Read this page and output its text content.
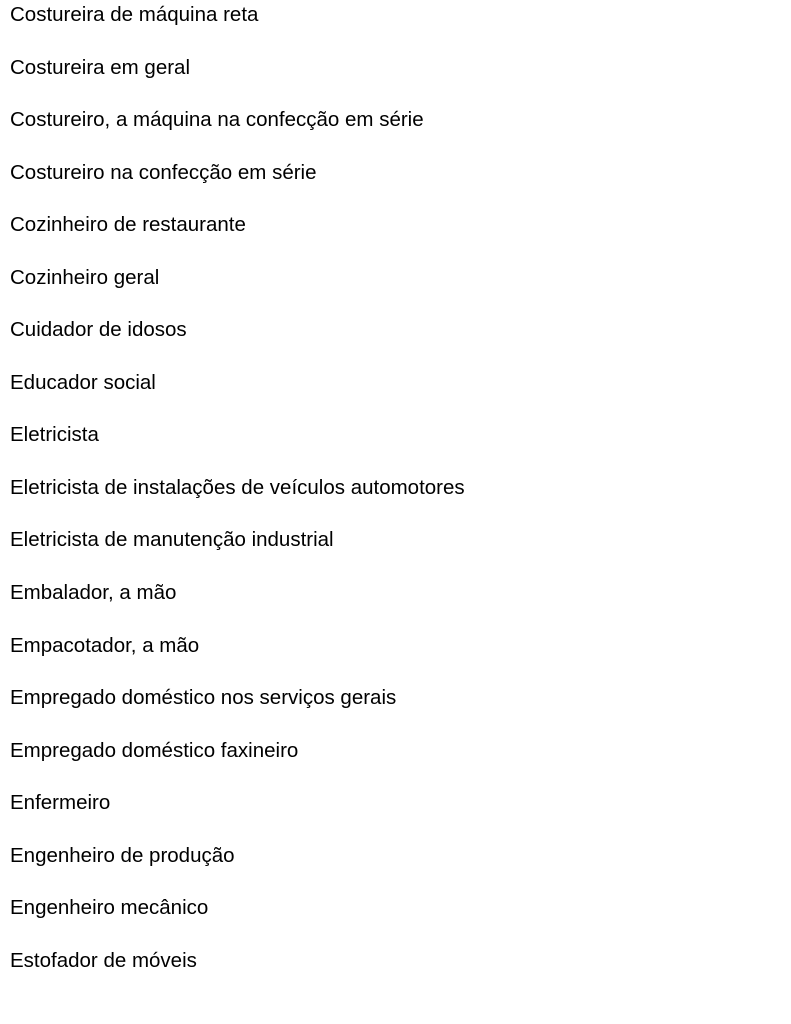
Costureira de máquina reta
Costureira em geral
Costureiro, a máquina na confecção em série
Costureiro na confecção em série
Cozinheiro de restaurante
Cozinheiro geral
Cuidador de idosos
Educador social
Eletricista
Eletricista de instalações de veículos automotores
Eletricista de manutenção industrial
Embalador, a mão
Empacotador, a mão
Empregado doméstico nos serviços gerais
Empregado doméstico faxineiro
Enfermeiro
Engenheiro de produção
Engenheiro mecânico
Estofador de móveis
